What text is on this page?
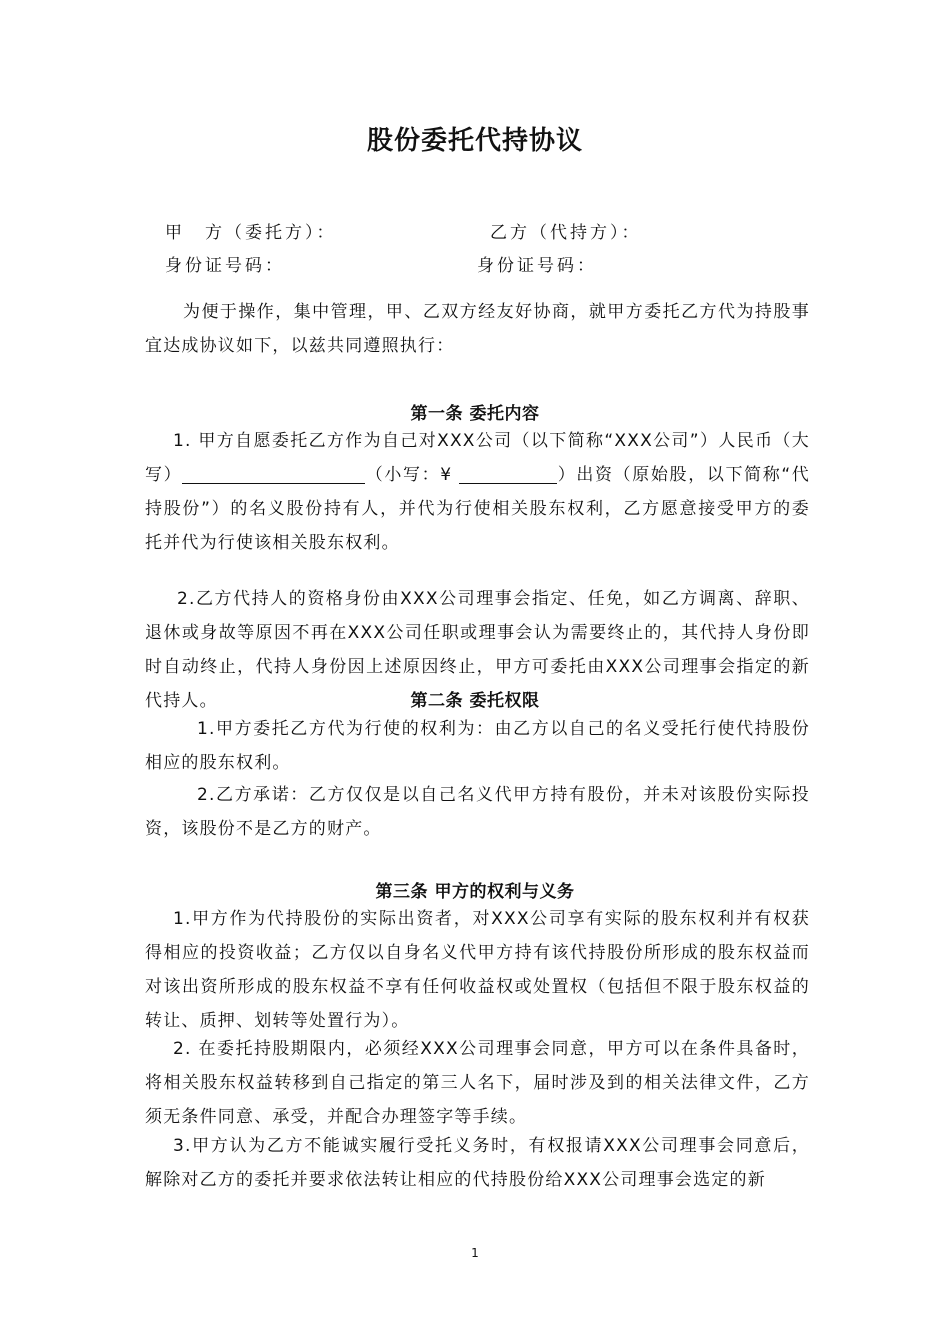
股份委托代持协议
甲　方（委托方）：	乙方（代持方）：
身份证号码：	身份证号码：
为便于操作，集中管理，甲、乙双方经友好协商，就甲方委托乙方代为持股事宜达成协议如下，以兹共同遵照执行：
第一条 委托内容
1. 甲方自愿委托乙方作为自己对XXX公司（以下简称“XXX公司”）人民币（大写）	（小写：¥	）出资（原始股，以下简称“代持股份”）的名义股份持有人，并代为行使相关股东权利，乙方愿意接受甲方的委托并代为行使该相关股东权利。
2.乙方代持人的资格身份由XXX公司理事会指定、任免，如乙方调离、辞职、退休或身故等原因不再在XXX公司任职或理事会认为需要终止的，其代持人身份即时自动终止，代持人身份因上述原因终止，甲方可委托由XXX公司理事会指定的新代持人。	第二条 委托权限
1.甲方委托乙方代为行使的权利为：由乙方以自己的名义受托行使代持股份相应的股东权利。
2.乙方承诺：乙方仅仅是以自己名义代甲方持有股份，并未对该股份实际投资，该股份不是乙方的财产。
第三条 甲方的权利与义务
1.甲方作为代持股份的实际出资者，对XXX公司享有实际的股东权利并有权获得相应的投资收益；乙方仅以自身名义代甲方持有该代持股份所形成的股东权益而对该出资所形成的股东权益不享有任何收益权或处置权（包括但不限于股东权益的转让、质押、划转等处置行为）。
2. 在委托持股期限内，必须经XXX公司理事会同意，甲方可以在条件具备时，将相关股东权益转移到自己指定的第三人名下，届时涉及到的相关法律文件，乙方须无条件同意、承受，并配合办理签字等手续。
3.甲方认为乙方不能诚实履行受托义务时，有权报请XXX公司理事会同意后，解除对乙方的委托并要求依法转让相应的代持股份给XXX公司理事会选定的新
1
